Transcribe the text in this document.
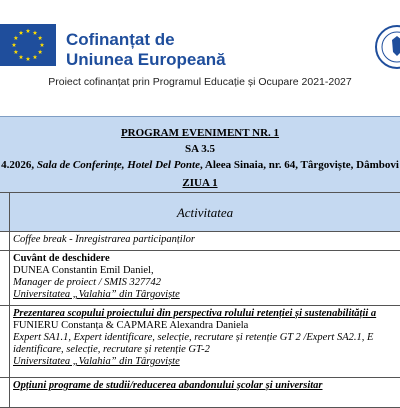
Cofinanțat de
Uniunea Europeană
Proiect cofinanțat prin Programul Educație și Ocupare 2021-2027
PROGRAM EVENIMENT NR. 1
SA 3.5
4.2026, Sala de Conferințe, Hotel Del Ponte, Aleea Sinaia, nr. 64, Târgoviște, Dâmbovi
ZIUA 1
Activitatea
Coffee break - Înregistrarea participanților
Cuvânt de deschidere
DUNEA Constantin Emil Daniel,
Manager de proiect / SMIS 327742
Universitatea „Valahia” din Târgoviște
Prezentarea scopului proiectului din perspectiva rolului retenției și sustenabilității a
FUNIERU Constanța & CAPMARE Alexandra Daniela
Expert SA1.1, Expert identificare, selecție, recrutare și retenție GT 2 /Expert SA2.1, E
identificare, selecție, recrutare și retenție GT-2
Universitatea „Valahia” din Târgoviște
Opțiuni programe de studii/reducerea abandonului școlar și universitar
